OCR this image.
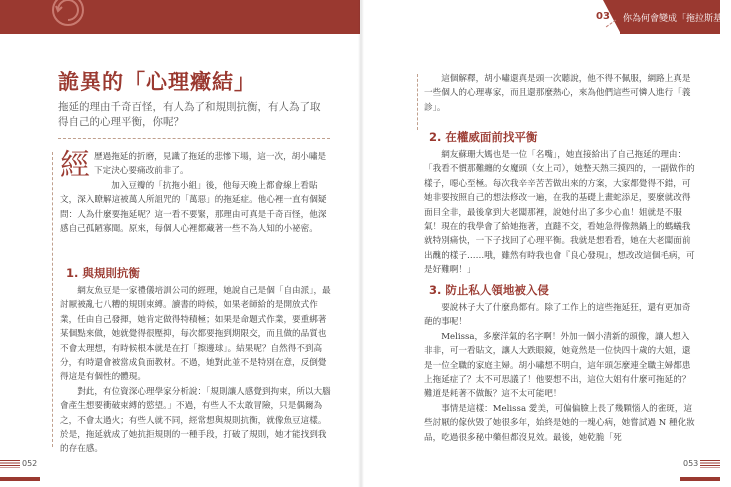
03 你為何會變成「拖拉斯基」
詭異的「心理癥結」
拖延的理由千奇百怪，有人為了和規則抗衡，有人為了取得自己的心理平衡，你呢？

經歷過拖延的折磨，見識了拖延的悲慘下場，這一次，胡小嘯是下定決心要痛改前非了。

加入豆瓣的「抗拖小組」後，他每天晚上都會線上看貼文，深入瞭解這被萬人所詛咒的「萬惡」的拖延症。他心裡一直有個疑問：人為什麼要拖延呢？這一看不要緊，那理由可真是千奇百怪，他深感自己孤陋寡聞。原來，每個人心裡都藏著一些不為人知的小祕密。

1. 與規則抗衡

網友魚豆是一家禮儀培訓公司的經理，她說自己是個「自由派」，最討厭被亂七八糟的規則束縛。讀書的時候，如果老師給的是開放式作業，任由自己發揮，她肯定做得特積極；如果是命題式作業，要重綁著某個點來做，她就覺得很壓抑，每次都要拖到期限交，而且做的品質也不會太理想，有時候根本就是在打「擦邊球」。結果呢？自然得不到高分，有時還會被當成負面教材。不過，她對此並不是特別在意，反倒覺得這是有個性的體現。

對此，有位資深心理學家分析說：「規則讓人感覺到拘束，所以大腦會產生想要衝破束縛的慾望。」不過，有些人不太敢冒險，只是偶爾為之，不會太過火；有些人就不同，經常想與規則抗衡，就像魚豆這樣。於是，拖延就成了她抗拒規則的一種手段，打破了規則，她才能找到我的存在感。

這個解釋，胡小嘯還真是頭一次聽說，他不得不佩服，網路上真是一些個人的心理專家，而且還那麼熱心，來為他們這些可憐人進行「義診」。

2. 在權威面前找平衡

網友蘇珊大媽也是一位「名嘴」，她直接給出了自己拖延的理由：「我看不慣那難纏的女魔頭（女上司），她整天熱三摸四的，一副做作的樣子，噁心至極。每次我辛辛苦苦做出來的方案，大家都覺得不錯，可她非要按照自己的想法修改一遍，在我的基礎上畫蛇添足，要麼就改得面目全非，最後拿到大老闆那裡，說她付出了多少心血！姐就是不服氣！現在的我學會了給她拖著，直躂不交，看她急得像熱鍋上的螞蟻我就特別痛快，一下子找回了心理平衡。我就是想看看，她在大老闆面前出醜的樣子……哦，雖然有時我也會『良心發現』，想改改這個毛病，可是好難啊！」

3. 防止私人領地被入侵

要說林子大了什麼鳥都有。除了工作上的這些拖延狂，還有更加奇葩的事呢！

Melissa，多麼洋氣的名字啊！外加一個小清新的頭像，讓人想入非非，可一看貼文，讓人大跌眼鏡，她竟然是一位快四十歲的大姐，還是一位全職的家庭主婦。胡小嘯想不明白，這年頭怎麼連全職主婦都患上拖延症了？太不可思議了！他要想不出，這位大姐有什麼可拖延的？難道是耗著不做飯？這不太可能吧！

事情是這樣：Melissa 愛美，可偏偏臉上長了幾顆惱人的雀斑，這些討厭的傢伙毀了她很多年，始終是她的一塊心病，她嘗試過 N 種化妝品，吃過很多秘中藥但都沒見效。最後，她乾脆「死

052	053
